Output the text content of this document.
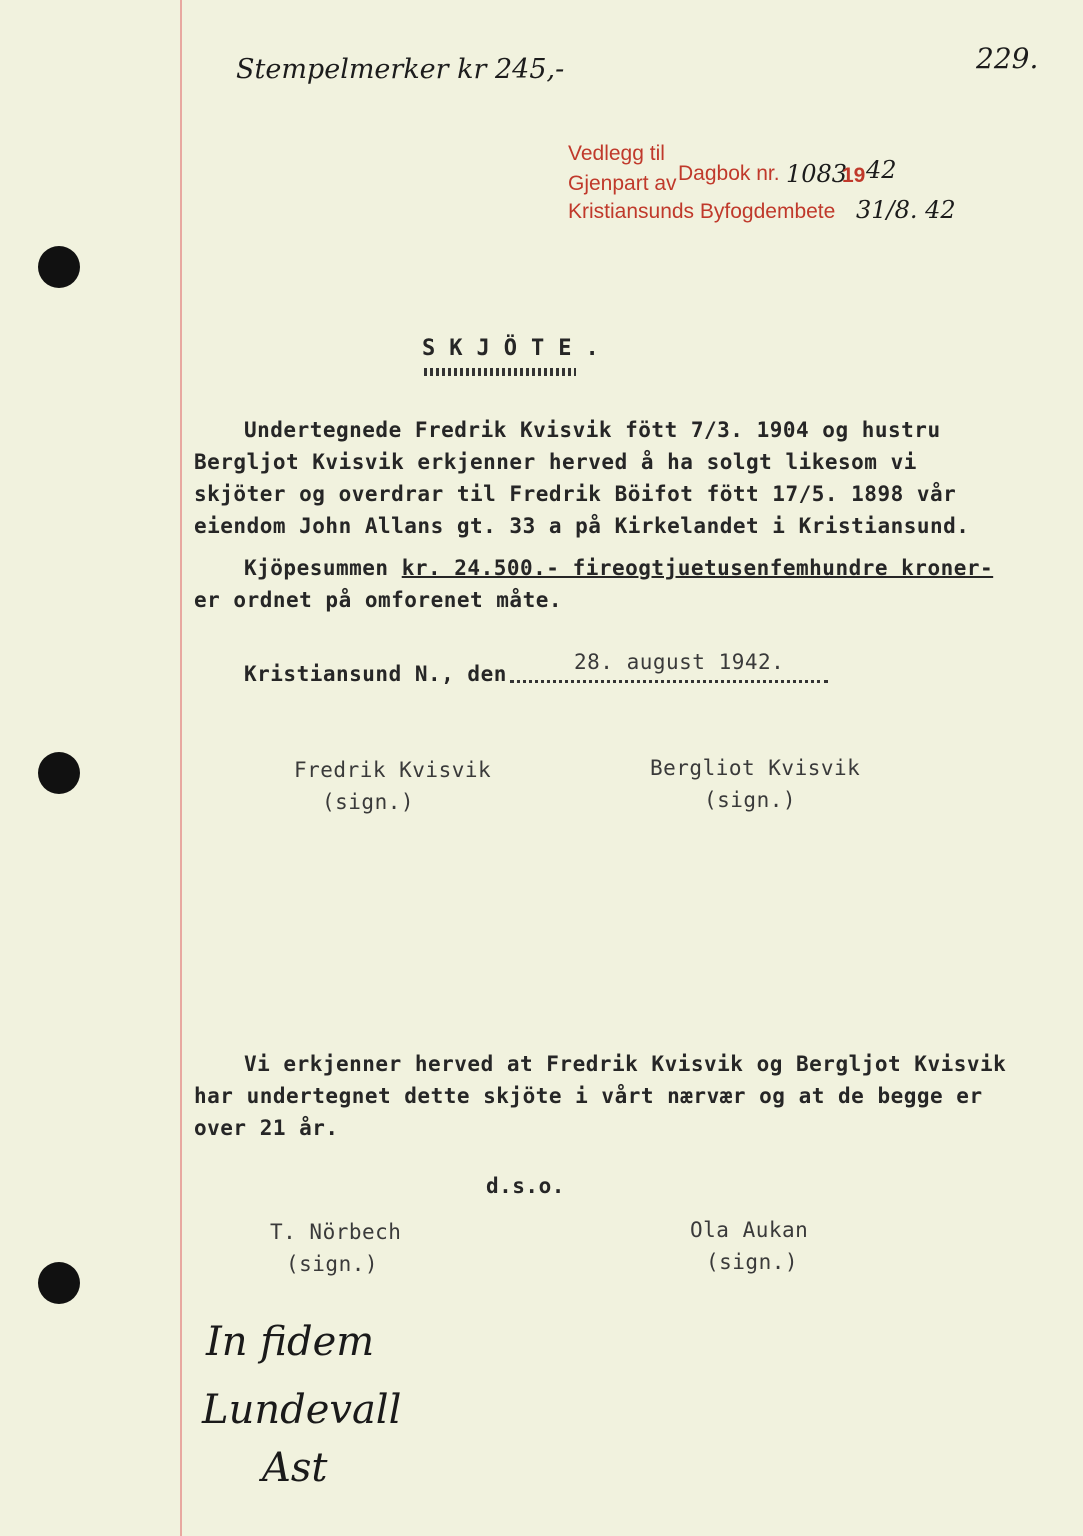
Stempelmerker kr 245,-	229.
Vedlegg til
Dagbok nr. 1083
19 42
Gjenpart av
Kristiansunds Byfogdembete 31/8. 42
SKJÖTE.
Undertegnede Fredrik Kvisvik fött 7/3. 1904 og hustru
Bergljot Kvisvik erkjenner herved å ha solgt likesom vi
skjöter og overdrar til Fredrik Böifot fött 17/5. 1898 vår
eiendom John Allans gt. 33 a på Kirkelandet i Kristiansund.
Kjöpesummen kr. 24.500.- fireogtjuetusenfemhundre kroner-
er ordnet på omforenet måte.
Kristiansund N., den	28. august 1942.
Fredrik Kvisvik
(sign.)
Bergliot Kvisvik
(sign.)
Vi erkjenner herved at Fredrik Kvisvik og Bergljot Kvisvik
har undertegnet dette skjöte i vårt nærvær og at de begge er
over 21 år.
d.s.o.
T. Nörbech
(sign.)
Ola Aukan
(sign.)
In fidem
Lundevall
Ast
